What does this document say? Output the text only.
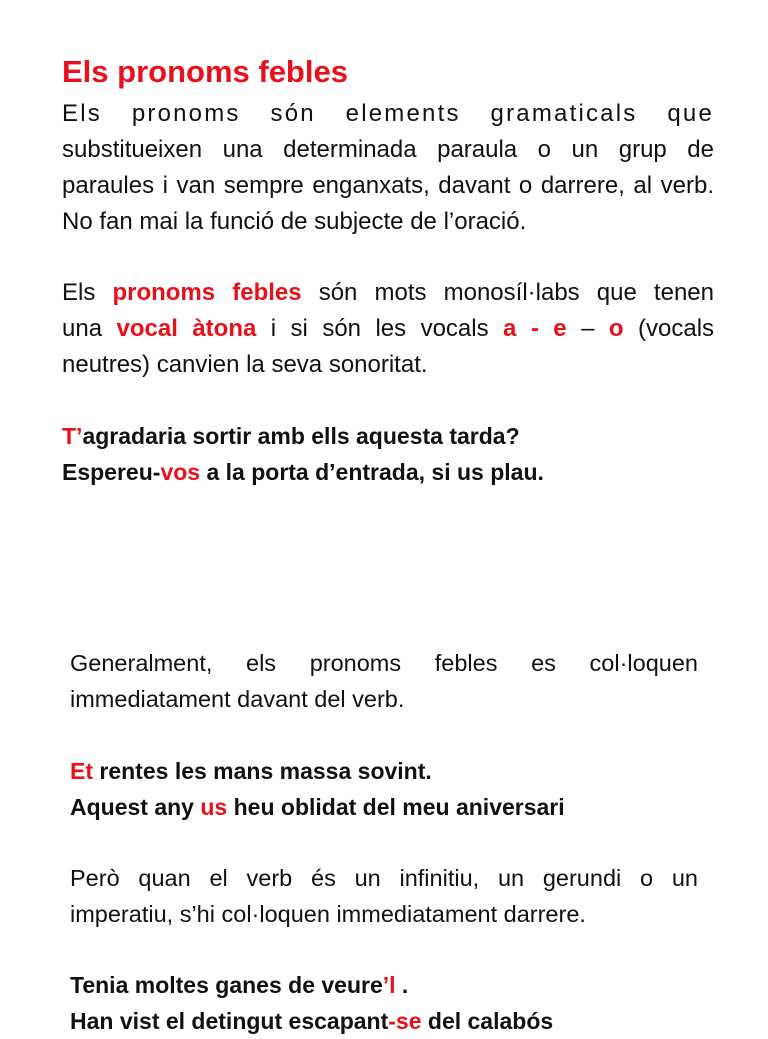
Els pronoms febles

Els pronoms són elements gramaticals que
substitueixen una determinada paraula o un grup de paraules i van sempre enganxats, davant o darrere, al verb. No fan mai la funció de subjecte de l’oració.

Els pronoms febles són mots monosíl·labs que tenen
una vocal àtona i si són les vocals a - e – o (vocals
neutres) canvien la seva sonoritat.

T’agradaria sortir amb ells aquesta tarda?

Espereu-vos a la porta d’entrada, si us plau.

Generalment, els pronoms febles es col·loquen
immediatament davant del verb.

Et rentes les mans massa sovint.

Aquest any us heu oblidat del meu aniversari

Però quan el verb és un infinitiu, un gerundi o un
imperatiu, s’hi col·loquen immediatament darrere.

Tenia moltes ganes de veure’l .

Han vist el detingut escapant-se del calabós
